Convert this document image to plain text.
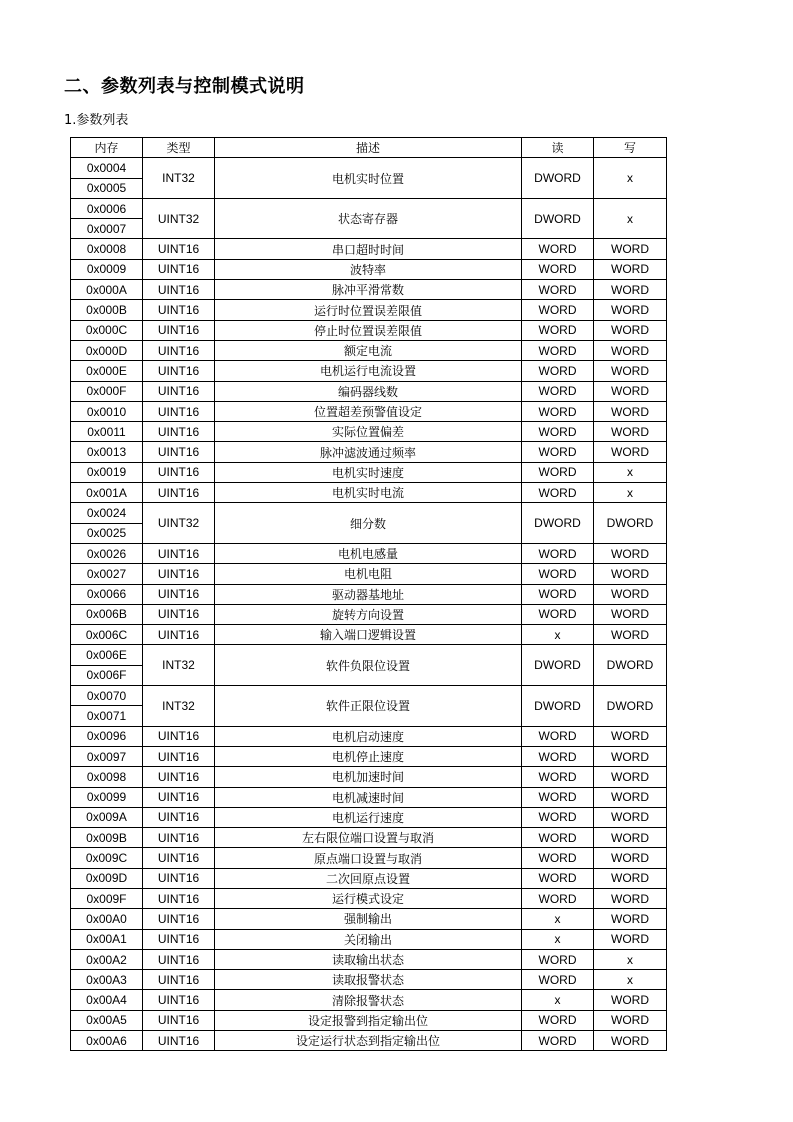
二、参数列表与控制模式说明

1.参数列表

内存	类型	描述	读	写
0x0004	INT32	电机实时位置	DWORD	x
0x0005				
0x0006	UINT32	状态寄存器	DWORD	x
0x0007				
0x0008	UINT16	串口超时时间	WORD	WORD
0x0009	UINT16	波特率	WORD	WORD
0x000A	UINT16	脉冲平滑常数	WORD	WORD
0x000B	UINT16	运行时位置误差限值	WORD	WORD
0x000C	UINT16	停止时位置误差限值	WORD	WORD
0x000D	UINT16	额定电流	WORD	WORD
0x000E	UINT16	电机运行电流设置	WORD	WORD
0x000F	UINT16	编码器线数	WORD	WORD
0x0010	UINT16	位置超差预警值设定	WORD	WORD
0x0011	UINT16	实际位置偏差	WORD	WORD
0x0013	UINT16	脉冲滤波通过频率	WORD	WORD
0x0019	UINT16	电机实时速度	WORD	x
0x001A	UINT16	电机实时电流	WORD	x
0x0024	UINT32	细分数	DWORD	DWORD
0x0025				
0x0026	UINT16	电机电感量	WORD	WORD
0x0027	UINT16	电机电阻	WORD	WORD
0x0066	UINT16	驱动器基地址	WORD	WORD
0x006B	UINT16	旋转方向设置	WORD	WORD
0x006C	UINT16	输入端口逻辑设置	x	WORD
0x006E	INT32	软件负限位设置	DWORD	DWORD
0x006F				
0x0070	INT32	软件正限位设置	DWORD	DWORD
0x0071				
0x0096	UINT16	电机启动速度	WORD	WORD
0x0097	UINT16	电机停止速度	WORD	WORD
0x0098	UINT16	电机加速时间	WORD	WORD
0x0099	UINT16	电机减速时间	WORD	WORD
0x009A	UINT16	电机运行速度	WORD	WORD
0x009B	UINT16	左右限位端口设置与取消	WORD	WORD
0x009C	UINT16	原点端口设置与取消	WORD	WORD
0x009D	UINT16	二次回原点设置	WORD	WORD
0x009F	UINT16	运行模式设定	WORD	WORD
0x00A0	UINT16	强制输出	x	WORD
0x00A1	UINT16	关闭输出	x	WORD
0x00A2	UINT16	读取输出状态	WORD	x
0x00A3	UINT16	读取报警状态	WORD	x
0x00A4	UINT16	清除报警状态	x	WORD
0x00A5	UINT16	设定报警到指定输出位	WORD	WORD
0x00A6	UINT16	设定运行状态到指定输出位	WORD	WORD
